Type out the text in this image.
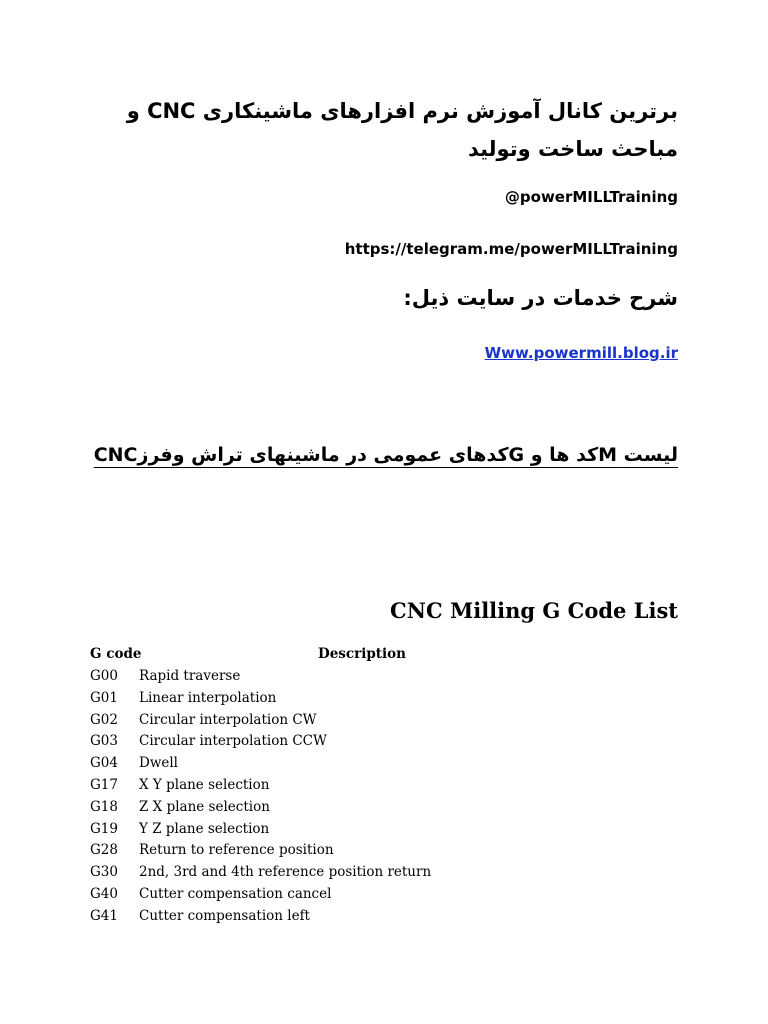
برترین کانال آموزش نرم افزارهای ماشینکاری CNC و مباحث ساخت وتولید
@powerMILLTraining
https://telegram.me/powerMILLTraining
شرح خدمات در سایت ذیل:
Www.powermill.blog.ir
لیست Mکد ها و Gکدهای عمومی در ماشینهای تراش وفرزCNC
CNC Milling G Code List
G code	Description
G00 Rapid traverse
G01 Linear interpolation
G02 Circular interpolation CW
G03 Circular interpolation CCW
G04 Dwell
G17 X Y plane selection
G18 Z X plane selection
G19 Y Z plane selection
G28 Return to reference position
G30 2nd, 3rd and 4th reference position return
G40 Cutter compensation cancel
G41 Cutter compensation left
